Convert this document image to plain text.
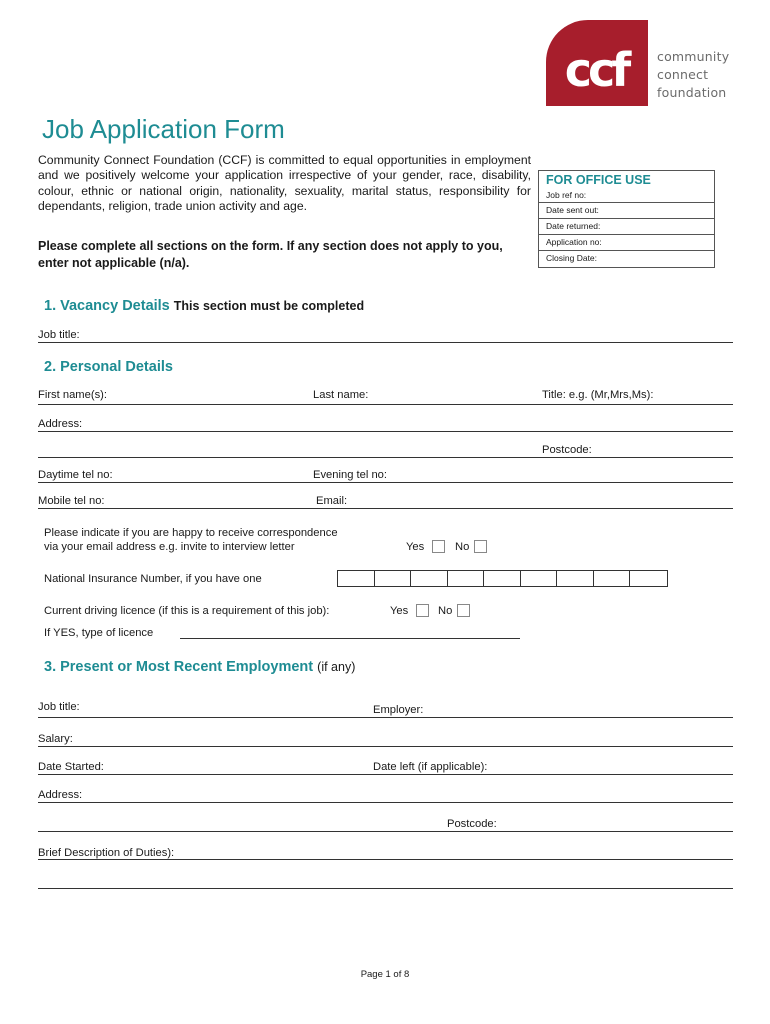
ccf	community
connect
foundation
Job Application Form

Community Connect Foundation (CCF) is committed to equal opportunities in employment and we positively welcome your application irrespective of your gender, race, disability, colour, ethnic or national origin, nationality, sexuality, marital status, responsibility for dependants, religion, trade union activity and age.

Please complete all sections on the form. If any section does not apply to you, enter not applicable (n/a).

FOR OFFICE USE
Job ref no:
Date sent out:
Date returned:
Application no:
Closing Date:
1. Vacancy Details This section must be completed
Job title:
2. Personal Details
First name(s):	Last name:	Title: e.g. (Mr,Mrs,Ms):
Address:
Postcode:
Daytime tel no:	Evening tel no:
Mobile tel no:	Email:
Please indicate if you are happy to receive correspondence
via your email address e.g. invite to interview letter	Yes	No
National Insurance Number, if you have one
Current driving licence (if this is a requirement of this job):	Yes	No
If YES, type of licence
3. Present or Most Recent Employment (if any)
Job title:	Employer:
Salary:
Date Started:	Date left (if applicable):
Address:
Postcode:
Brief Description of Duties):
Page 1 of 8
